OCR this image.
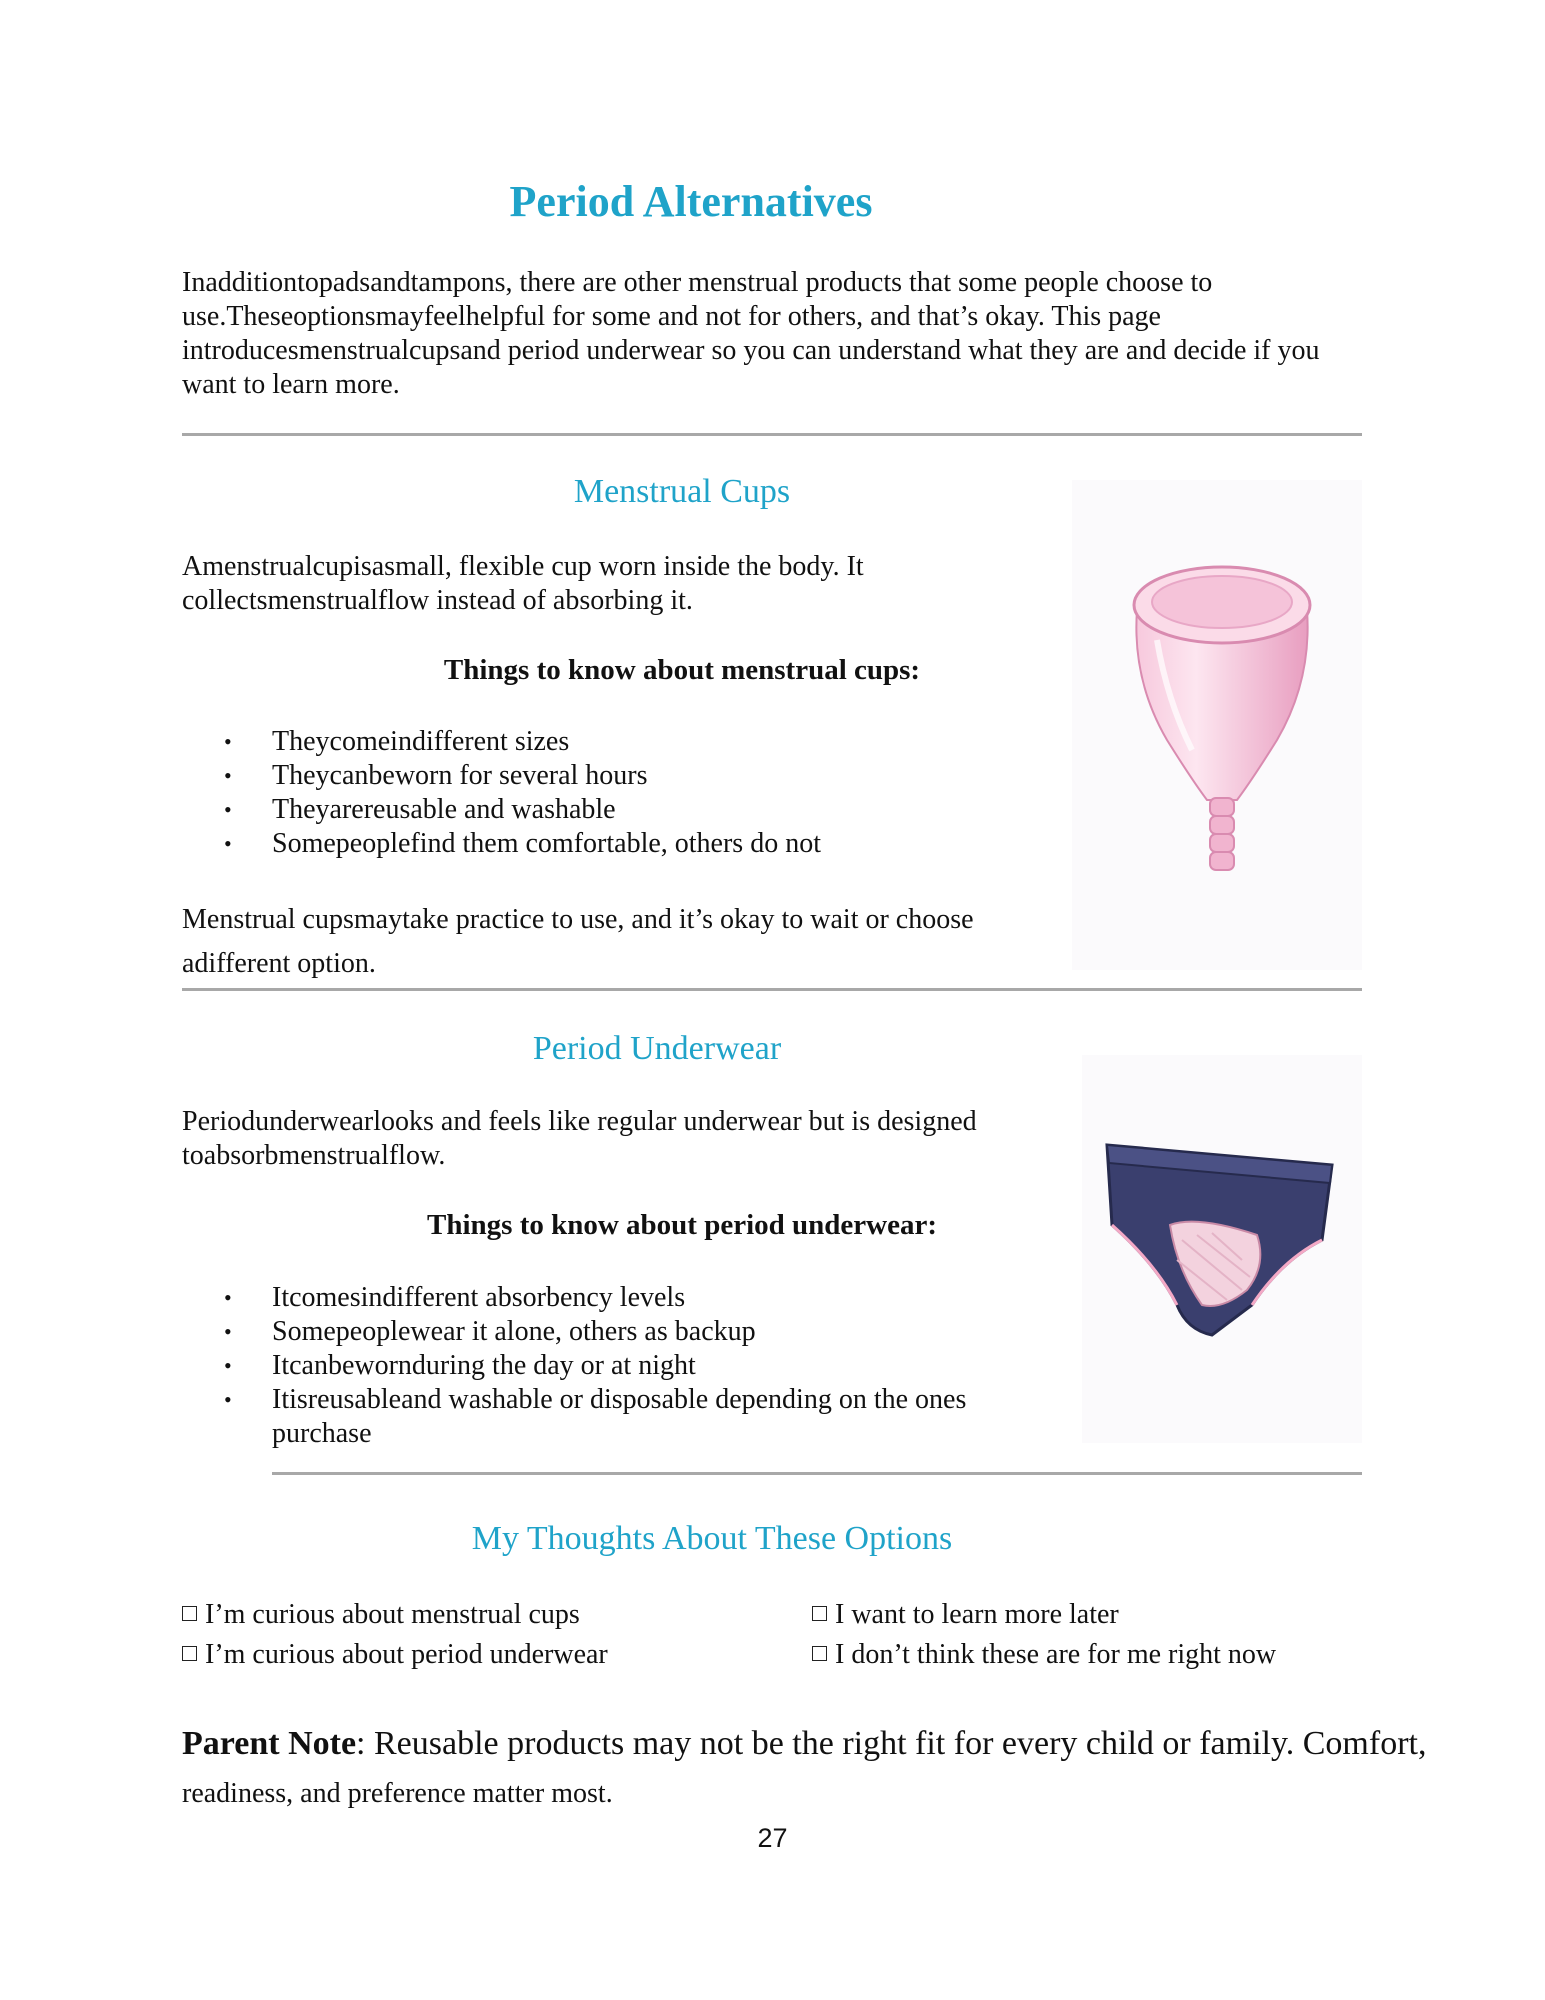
Period Alternatives
Inadditiontopadsandtampons, there are other menstrual products that some people choose to use.Theseoptionsmayfeelhelpful for some and not for others, and that’s okay. This page introducesmenstrualcupsand period underwear so you can understand what they are and decide if you want to learn more.
Menstrual Cups
Amenstrualcupisasmall, flexible cup worn inside the body. It collectsmenstrualflow instead of absorbing it.
Things to know about menstrual cups:
• Theycomeindifferent sizes
• Theycanbeworn for several hours
• Theyarereusable and washable
• Somepeoplefind them comfortable, others do not
Menstrual cupsmaytake practice to use, and it’s okay to wait or choose adifferent option.
Period Underwear
Periodunderwearlooks and feels like regular underwear but is designed toabsorbmenstrualflow.
Things to know about period underwear:
• Itcomesindifferent absorbency levels
• Somepeoplewear it alone, others as backup
• Itcanbewornduring the day or at night
• Itisreusableand washable or disposable depending on the ones purchase
My Thoughts About These Options
I’m curious about menstrual cups
I’m curious about period underwear
I want to learn more later
I don’t think these are for me right now
Parent Note: Reusable products may not be the right fit for every child or family. Comfort,
readiness, and preference matter most.
27
